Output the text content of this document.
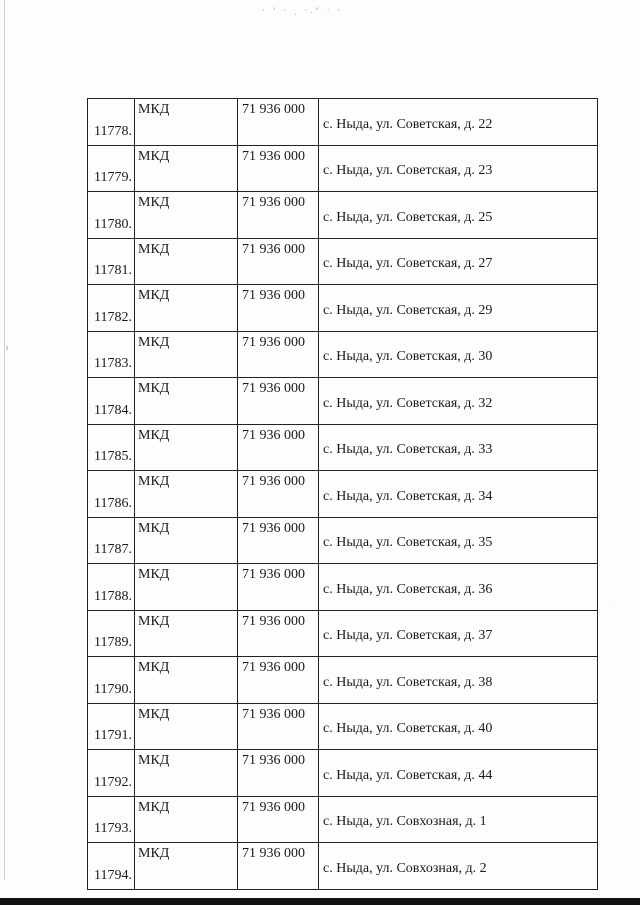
· ʼ · ˏ ·.ᐟ · ·
ⁱ
·
11778.	МКД	71 936 000	с. Ныда, ул. Советская, д. 22
11779.	МКД	71 936 000	с. Ныда, ул. Советская, д. 23
11780.	МКД	71 936 000	с. Ныда, ул. Советская, д. 25
11781.	МКД	71 936 000	с. Ныда, ул. Советская, д. 27
11782.	МКД	71 936 000	с. Ныда, ул. Советская, д. 29
11783.	МКД	71 936 000	с. Ныда, ул. Советская, д. 30
11784.	МКД	71 936 000	с. Ныда, ул. Советская, д. 32
11785.	МКД	71 936 000	с. Ныда, ул. Советская, д. 33
11786.	МКД	71 936 000	с. Ныда, ул. Советская, д. 34
11787.	МКД	71 936 000	с. Ныда, ул. Советская, д. 35
11788.	МКД	71 936 000	с. Ныда, ул. Советская, д. 36
11789.	МКД	71 936 000	с. Ныда, ул. Советская, д. 37
11790.	МКД	71 936 000	с. Ныда, ул. Советская, д. 38
11791.	МКД	71 936 000	с. Ныда, ул. Советская, д. 40
11792.	МКД	71 936 000	с. Ныда, ул. Советская, д. 44
11793.	МКД	71 936 000	с. Ныда, ул. Совхозная, д. 1
11794.	МКД	71 936 000	с. Ныда, ул. Совхозная, д. 2
